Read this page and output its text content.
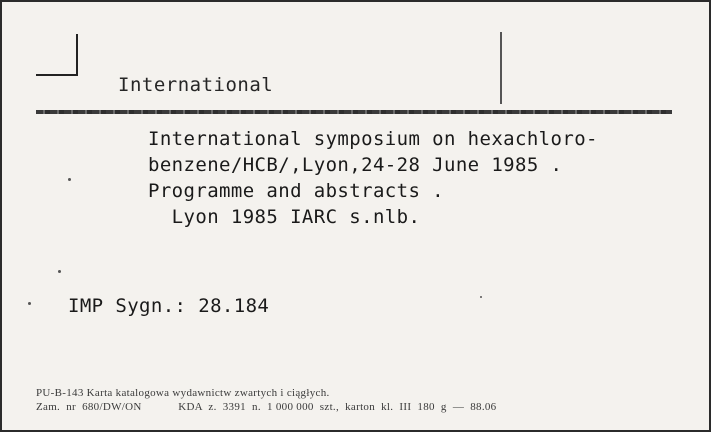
International
International symposium on hexachloro-
benzene/HCB/,Lyon,24-28 June 1985 .
Programme and abstracts .
Lyon 1985 IARC s.nlb.
IMP Sygn.: 28.184
PU-B-143 Karta katalogowa wydawnictw zwartych i ciągłych.
Zam.  nr  680/DW/ON            KDA  z.  3391  n.  1 000 000  szt.,  karton  kl.  III  180  g  —  88.06
